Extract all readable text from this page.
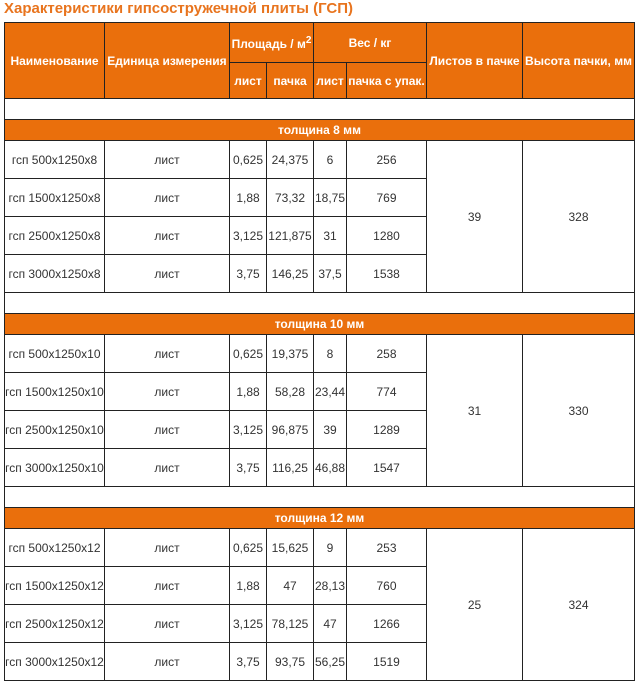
Характеристики гипсостружечной плиты (ГСП)
Наименование	Единица измерения	Площадь / $м^2$		Вес / кг		Листов в пачке	Высота пачки, мм
		лист	пачка	лист	пачка с упак.		

толщина 8 мм							
гсп 500х1250х8	лист	0,625	24,375	6	256	39	328
гсп 1500х1250х8	лист	1,88	73,32	18,75	769		
гсп 2500х1250х8	лист	3,125	121,875	31	1280		
гсп 3000х1250х8	лист	3,75	146,25	37,5	1538		

толщина 10 мм							
гсп 500х1250х10	лист	0,625	19,375	8	258	31	330
гсп 1500х1250х10	лист	1,88	58,28	23,44	774		
гсп 2500х1250х10	лист	3,125	96,875	39	1289		
гсп 3000х1250х10	лист	3,75	116,25	46,88	1547		

толщина 12 мм							
гсп 500х1250х12	лист	0,625	15,625	9	253	25	324
гсп 1500х1250х12	лист	1,88	47	28,13	760		
гсп 2500х1250х12	лист	3,125	78,125	47	1266		
гсп 3000х1250х12	лист	3,75	93,75	56,25	1519		
